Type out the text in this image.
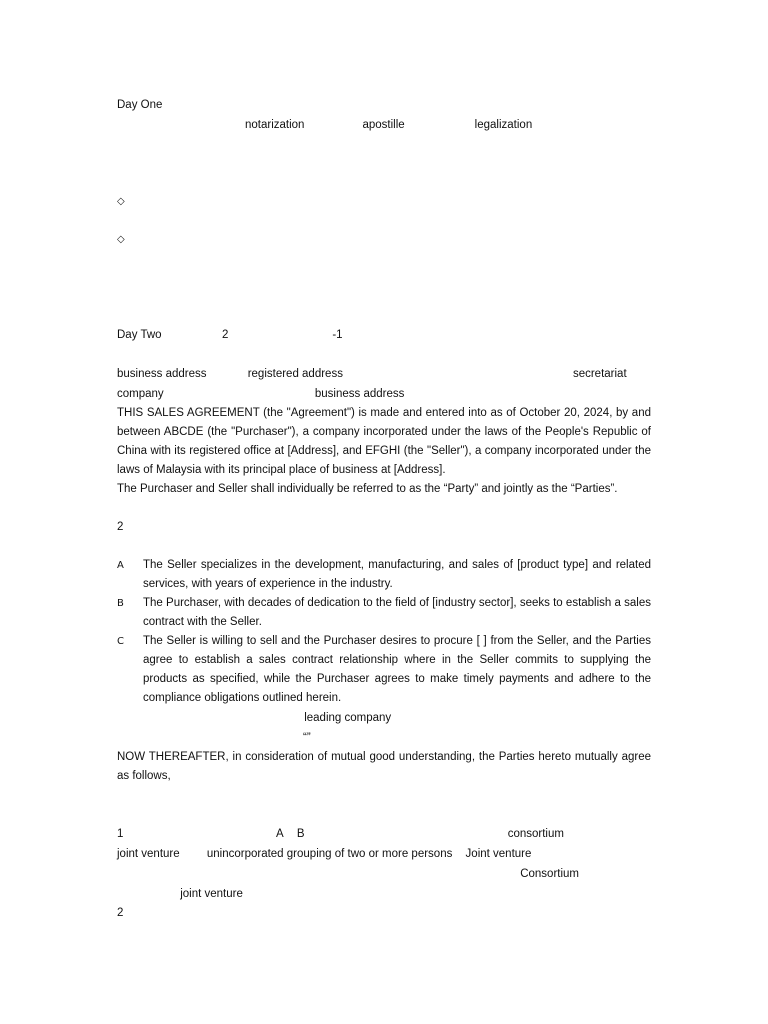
Day One

notarization	apostille	legalization

◇
◇

Day Two	2	-1

business address	registered address	secretariat

company	business address

THIS SALES AGREEMENT (the "Agreement") is made and entered into as of October 20, 2024, by and between ABCDE (the "Purchaser"), a company incorporated under the laws of the People's Republic of China with its registered office at [Address], and EFGHI (the "Seller"), a company incorporated under the laws of Malaysia with its principal place of business at [Address].

The Purchaser and Seller shall individually be referred to as the “Party” and jointly as the “Parties”.

2

A	The Seller specializes in the development, manufacturing, and sales of [product type] and related services, with years of experience in the industry.
B	The Purchaser, with decades of dedication to the field of [industry sector], seeks to establish a sales contract with the Seller.
C	The Seller is willing to sell and the Purchaser desires to procure [ ] from the Seller, and the Parties agree to establish a sales contract relationship where in the Seller commits to supplying the products as specified, while the Purchaser agrees to make timely payments and adhere to the compliance obligations outlined herein.

leading company

“”

NOW THEREAFTER, in consideration of mutual good understanding, the Parties hereto mutually agree as follows,

1	A B	consortium

joint venture unincorporated grouping of two or more persons Joint venture

Consortium

joint venture

2
